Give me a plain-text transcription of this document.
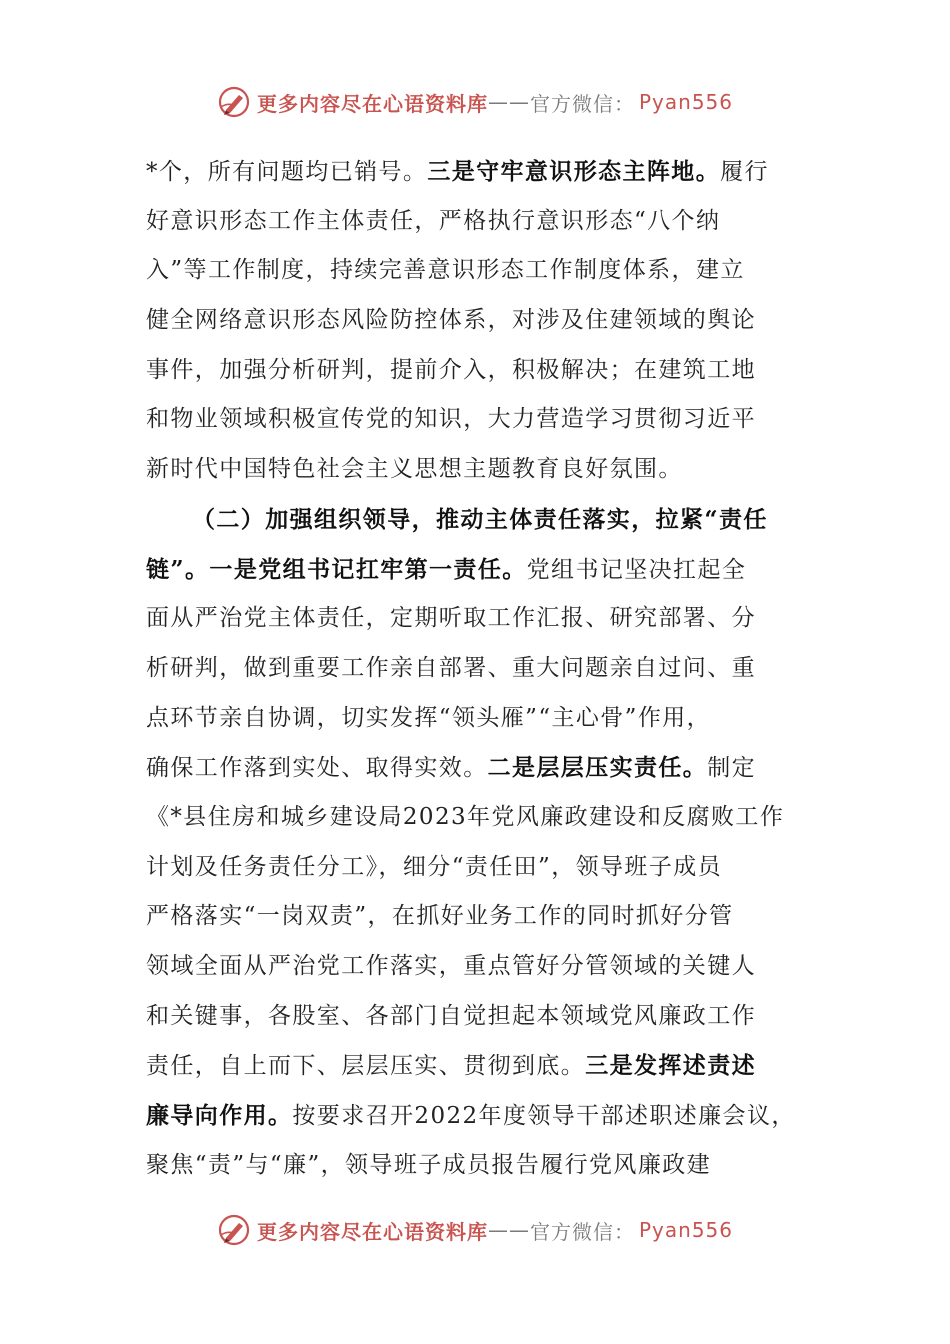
更多内容尽在心语资料库 —— 官方微信： Pyan556
*个，所有问题均已销号。三是守牢意识形态主阵地。履行
好意识形态工作主体责任，严格执行意识形态“八个纳
入”等工作制度，持续完善意识形态工作制度体系，建立
健全网络意识形态风险防控体系，对涉及住建领域的舆论
事件，加强分析研判，提前介入，积极解决；在建筑工地
和物业领域积极宣传党的知识，大力营造学习贯彻习近平
新时代中国特色社会主义思想主题教育良好氛围。
（二）加强组织领导，推动主体责任落实，拉紧“责任
链”。一是党组书记扛牢第一责任。党组书记坚决扛起全
面从严治党主体责任，定期听取工作汇报、研究部署、分
析研判，做到重要工作亲自部署、重大问题亲自过问、重
点环节亲自协调，切实发挥“领头雁”“主心骨”作用，
确保工作落到实处、取得实效。二是层层压实责任。制定
《*县住房和城乡建设局2023年党风廉政建设和反腐败工作
计划及任务责任分工》，细分“责任田”，领导班子成员
严格落实“一岗双责”，在抓好业务工作的同时抓好分管
领域全面从严治党工作落实，重点管好分管领域的关键人
和关键事，各股室、各部门自觉担起本领域党风廉政工作
责任，自上而下、层层压实、贯彻到底。三是发挥述责述
廉导向作用。按要求召开2022年度领导干部述职述廉会议，
聚焦“责”与“廉”，领导班子成员报告履行党风廉政建
更多内容尽在心语资料库 —— 官方微信： Pyan556
